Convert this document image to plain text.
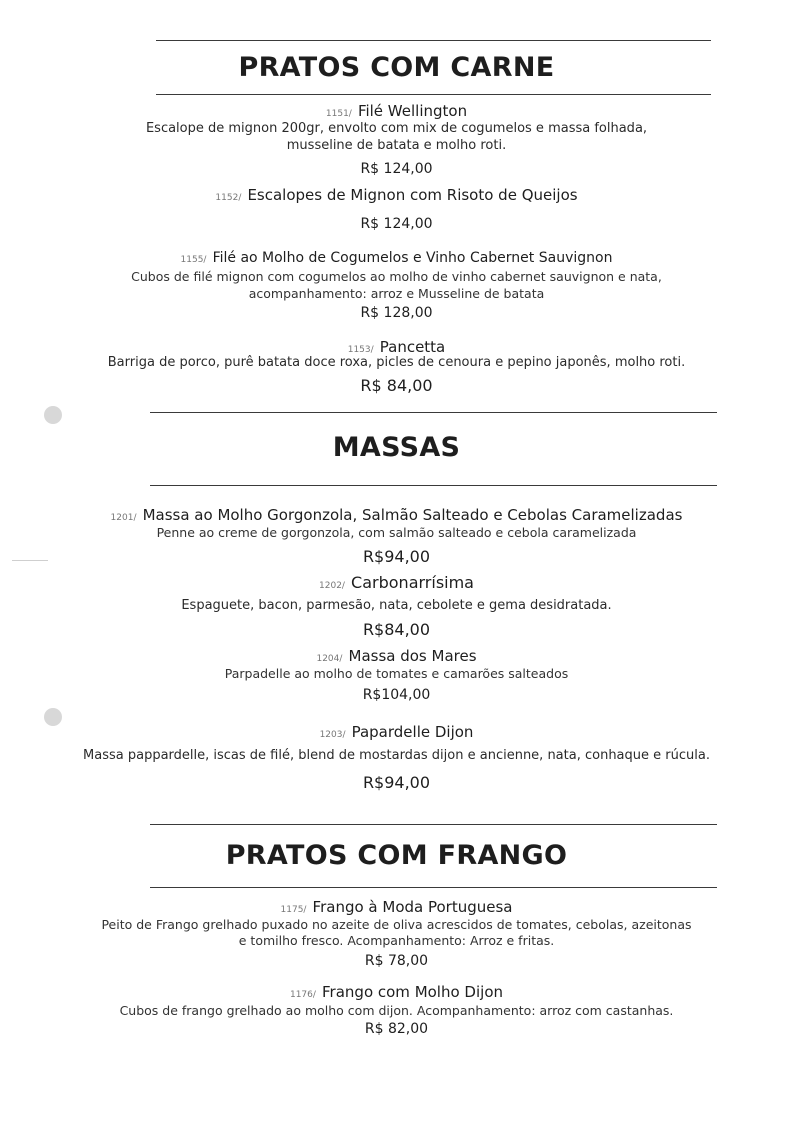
PRATOS COM CARNE
1151/ Filé Wellington
Escalope de mignon 200gr, envolto com mix de cogumelos e massa folhada,
musseline de batata e molho roti.
R$ 124,00
1152/ Escalopes de Mignon com Risoto de Queijos
R$ 124,00
1155/ Filé ao Molho de Cogumelos e Vinho Cabernet Sauvignon
Cubos de filé mignon com cogumelos ao molho de vinho cabernet sauvignon e nata,
acompanhamento: arroz e Musseline de batata
R$ 128,00
1153/ Pancetta
Barriga de porco, purê batata doce roxa, picles de cenoura e pepino japonês, molho roti.
R$ 84,00
MASSAS
1201/ Massa ao Molho Gorgonzola, Salmão Salteado e Cebolas Caramelizadas
Penne ao creme de gorgonzola, com salmão salteado e cebola caramelizada
R$94,00
1202/ Carbonarrísima
Espaguete, bacon, parmesão, nata, cebolete e gema desidratada.
R$84,00
1204/ Massa dos Mares
Parpadelle ao molho de tomates e camarões salteados
R$104,00
1203/ Papardelle Dijon
Massa pappardelle, iscas de filé, blend de mostardas dijon e ancienne, nata, conhaque e rúcula.
R$94,00
PRATOS COM FRANGO
1175/ Frango à Moda Portuguesa
Peito de Frango grelhado puxado no azeite de oliva acrescidos de tomates, cebolas, azeitonas
e tomilho fresco. Acompanhamento: Arroz e fritas.
R$ 78,00
1176/ Frango com Molho Dijon
Cubos de frango grelhado ao molho com dijon. Acompanhamento: arroz com castanhas.
R$ 82,00
